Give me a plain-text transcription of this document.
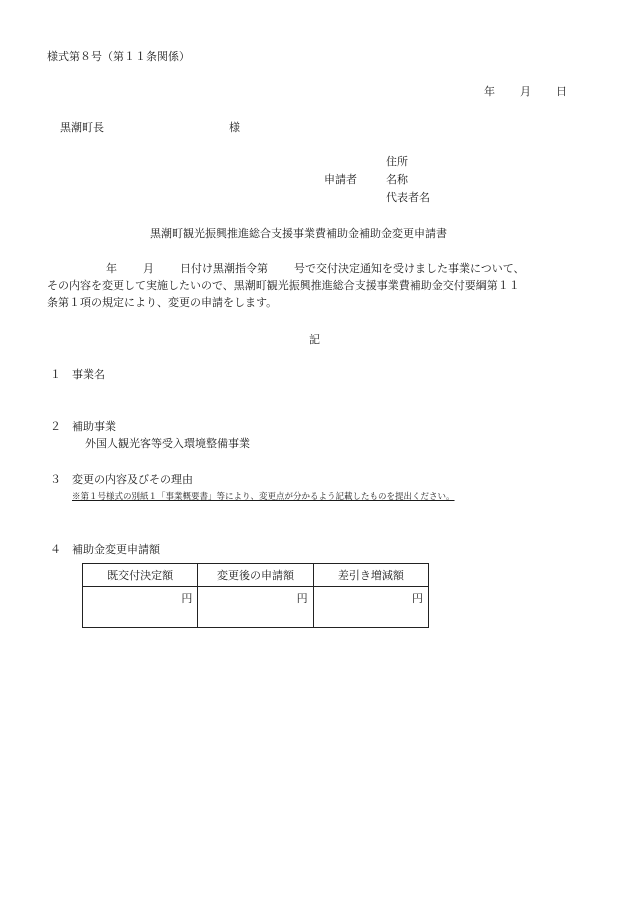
様式第８号（第１１条関係）
年 月 日
黒潮町長	様
住所
申請者	名称
代表者名
黒潮町観光振興推進総合支援事業費補助金補助金変更申請書
年 月 日付け黒潮指令第 号で交付決定通知を受けました事業について、
その内容を変更して実施したいので、黒潮町観光振興推進総合支援事業費補助金交付要綱第１１
条第１項の規定により、変更の申請をします。
記
１ 事業名
２ 補助事業
外国人観光客等受入環境整備事業
３ 変更の内容及びその理由
※第１号様式の別紙１「事業概要書」等により、変更点が分かるよう記載したものを提出ください。
４ 補助金変更申請額
既交付決定額	変更後の申請額	差引き増減額
円	円	円
